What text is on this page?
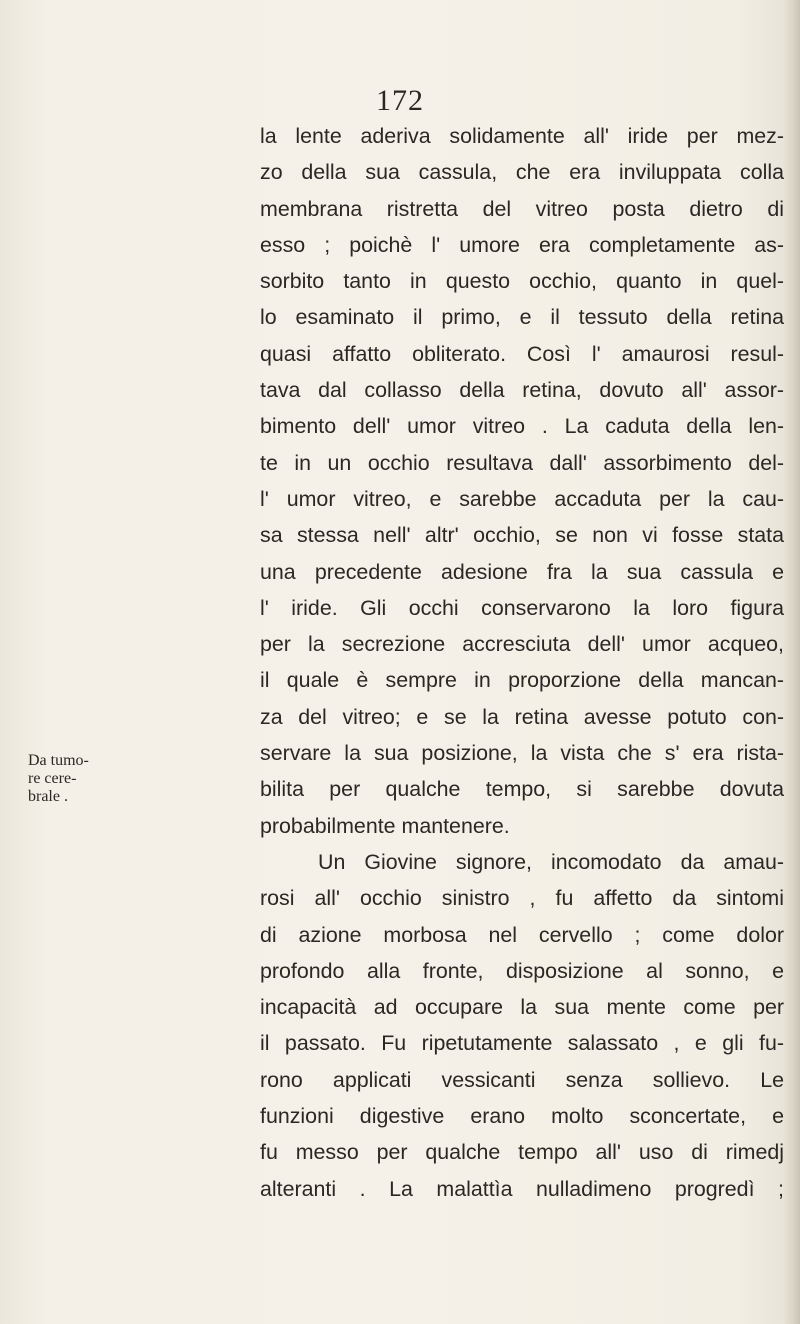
172
Da tumo-
re cere-
brale .
la lente aderiva solidamente all' iride per mez-
zo della sua cassula, che era inviluppata colla
membrana ristretta del vitreo posta dietro di
esso ; poichè l' umore era completamente as-
sorbito tanto in questo occhio, quanto in quel-
lo esaminato il primo, e il tessuto della retina
quasi affatto obliterato. Così l' amaurosi resul-
tava dal collasso della retina, dovuto all' assor-
bimento dell' umor vitreo . La caduta della len-
te in un occhio resultava dall' assorbimento del-
l' umor vitreo, e sarebbe accaduta per la cau-
sa stessa nell' altr' occhio, se non vi fosse stata
una precedente adesione fra la sua cassula e
l' iride. Gli occhi conservarono la loro figura
per la secrezione accresciuta dell' umor acqueo,
il quale è sempre in proporzione della mancan-
za del vitreo; e se la retina avesse potuto con-
servare la sua posizione, la vista che s' era rista-
bilita per qualche tempo, si sarebbe dovuta
probabilmente mantenere.
Un Giovine signore, incomodato da amau-
rosi all' occhio sinistro , fu affetto da sintomi
di azione morbosa nel cervello ; come dolor
profondo alla fronte, disposizione al sonno, e
incapacità ad occupare la sua mente come per
il passato. Fu ripetutamente salassato , e gli fu-
rono applicati vessicanti senza sollievo. Le
funzioni digestive erano molto sconcertate, e
fu messo per qualche tempo all' uso di rimedj
alteranti . La malattìa nulladimeno progredì ;
